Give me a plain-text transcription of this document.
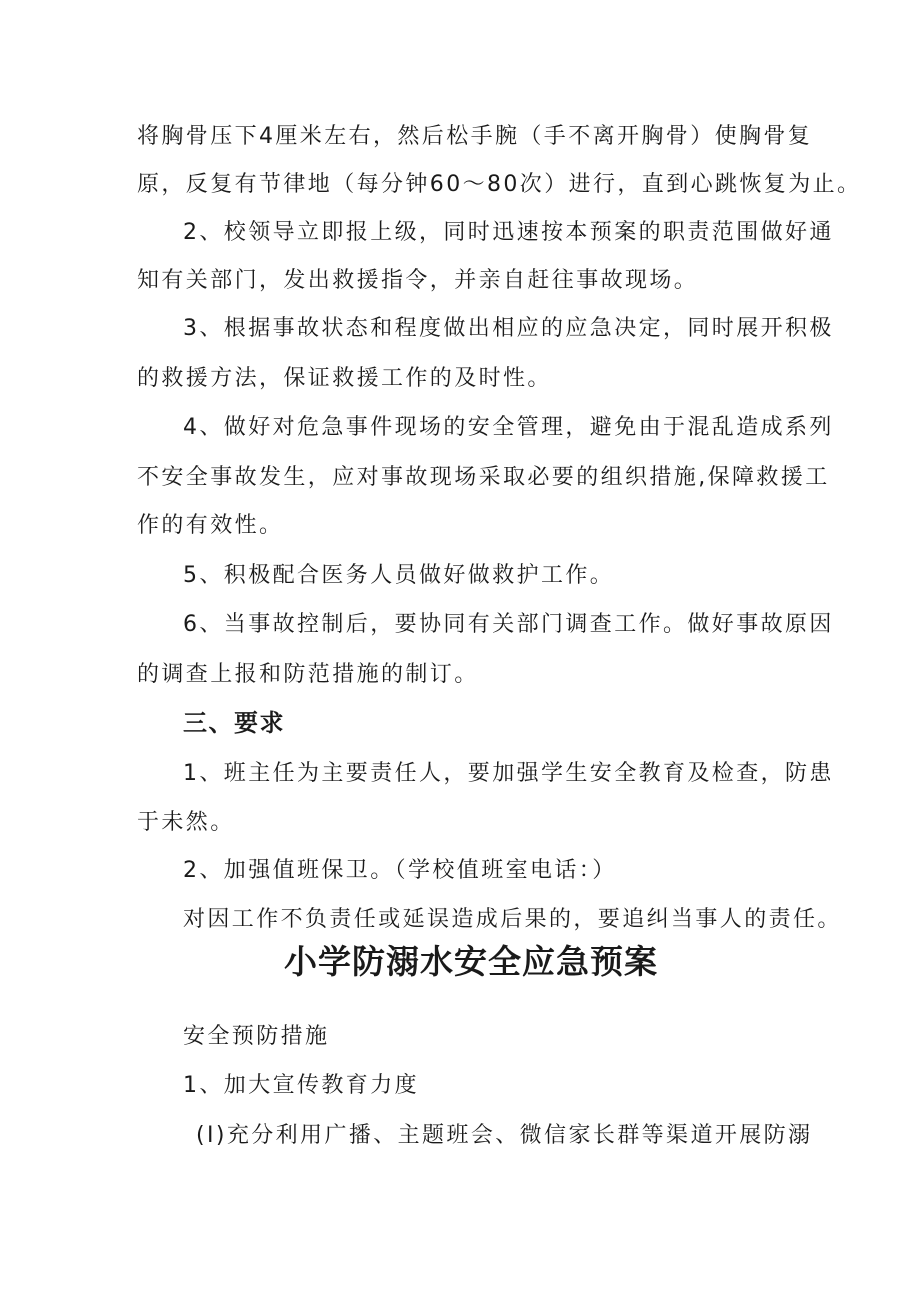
将胸骨压下4厘米左右，然后松手腕（手不离开胸骨）使胸骨复
原，反复有节律地（每分钟60～80次）进行，直到心跳恢复为止。
2、校领导立即报上级，同时迅速按本预案的职责范围做好通
知有关部门，发出救援指令，并亲自赶往事故现场。
3、根据事故状态和程度做出相应的应急决定，同时展开积极
的救援方法，保证救援工作的及时性。
4、做好对危急事件现场的安全管理，避免由于混乱造成系列
不安全事故发生，应对事故现场采取必要的组织措施,保障救援工
作的有效性。
5、积极配合医务人员做好做救护工作。
6、当事故控制后，要协同有关部门调查工作。做好事故原因
的调查上报和防范措施的制订。
三、要求
1、班主任为主要责任人，要加强学生安全教育及检查，防患
于未然。
2、加强值班保卫。（学校值班室电话：）
对因工作不负责任或延误造成后果的，要追纠当事人的责任。
小学防溺水安全应急预案
安全预防措施
1、加大宣传教育力度
(I)充分利用广播、主题班会、微信家长群等渠道开展防溺
